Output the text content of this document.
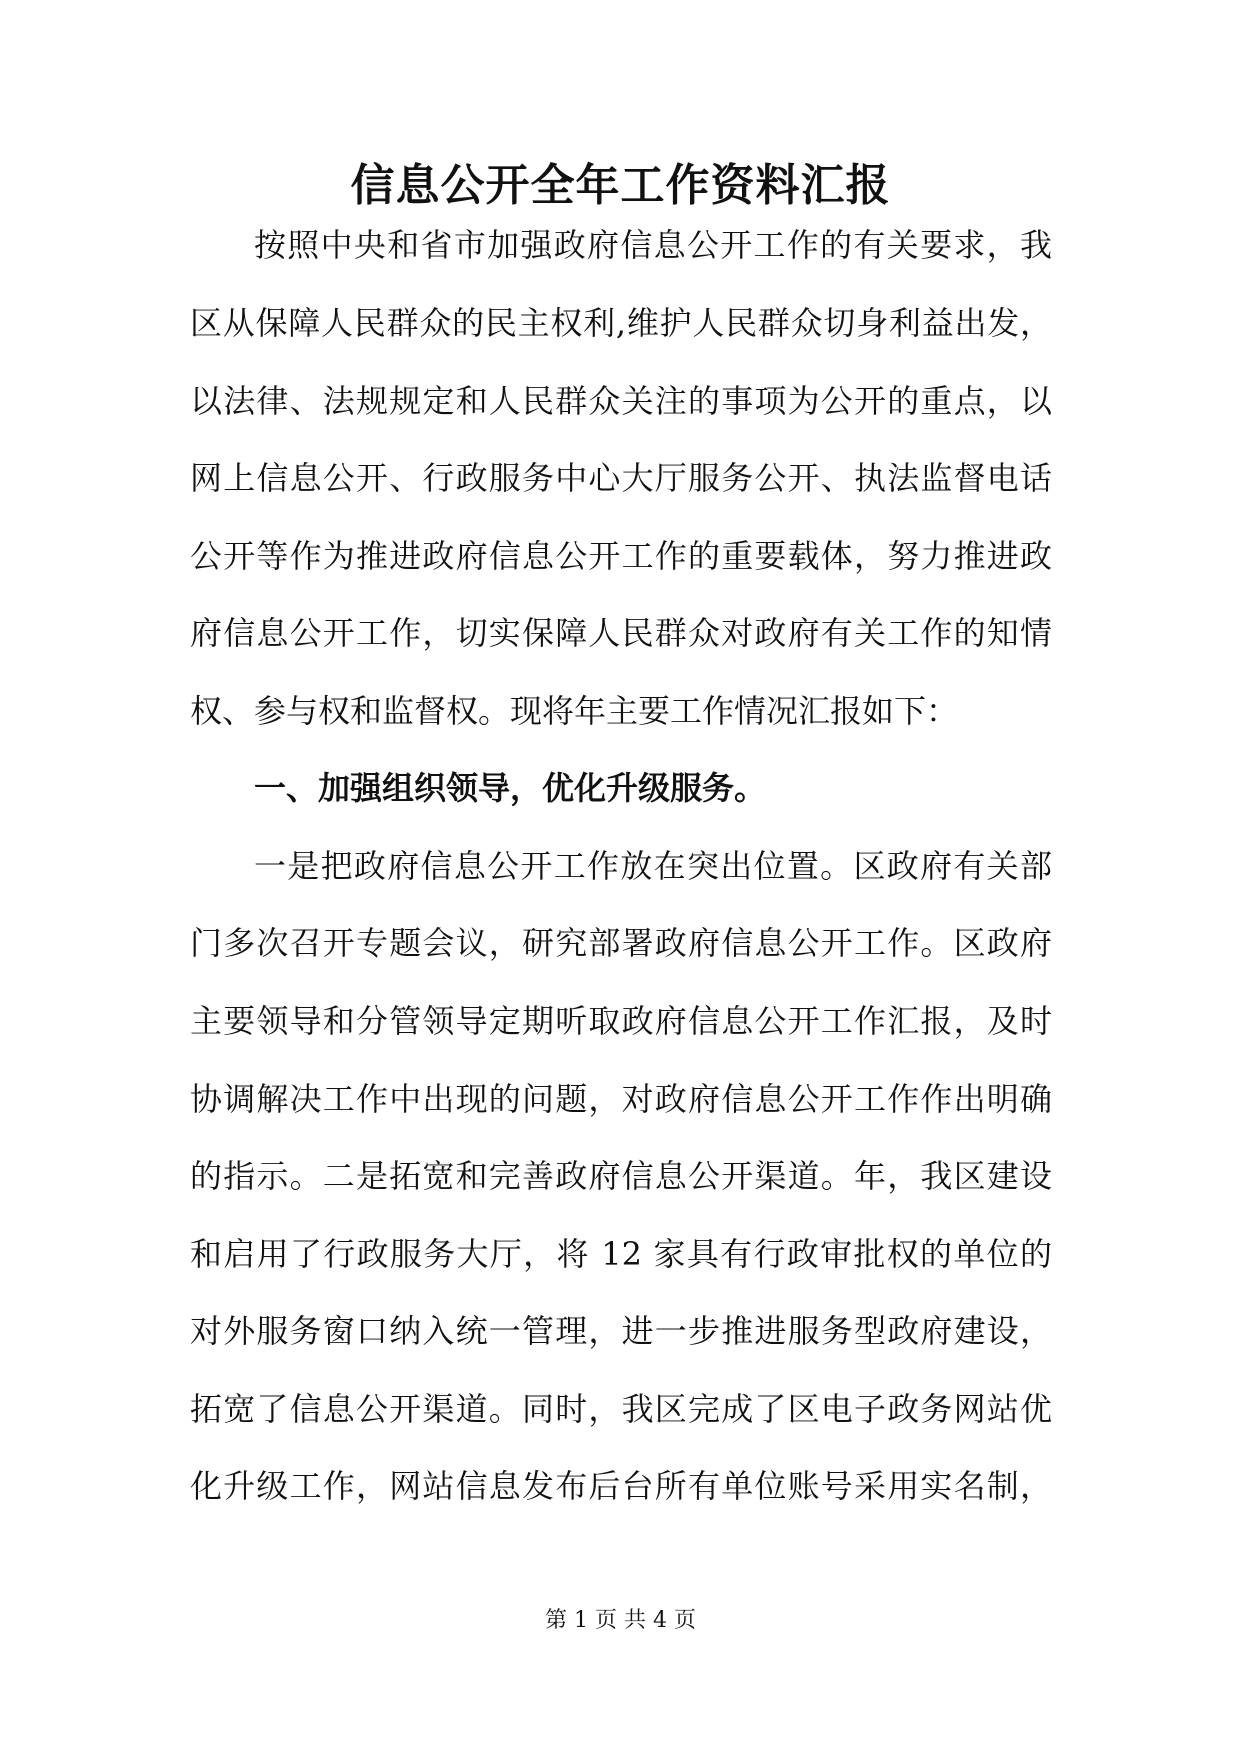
信息公开全年工作资料汇报

按照中央和省市加强政府信息公开工作的有关要求，我

区从保障人民群众的民主权利,维护人民群众切身利益出发，

以法律、法规规定和人民群众关注的事项为公开的重点，以

网上信息公开、行政服务中心大厅服务公开、执法监督电话

公开等作为推进政府信息公开工作的重要载体，努力推进政

府信息公开工作，切实保障人民群众对政府有关工作的知情

权、参与权和监督权。现将年主要工作情况汇报如下：

一、加强组织领导，优化升级服务。

一是把政府信息公开工作放在突出位置。区政府有关部

门多次召开专题会议，研究部署政府信息公开工作。区政府

主要领导和分管领导定期听取政府信息公开工作汇报，及时

协调解决工作中出现的问题，对政府信息公开工作作出明确

的指示。二是拓宽和完善政府信息公开渠道。年，我区建设

和启用了行政服务大厅，将 12 家具有行政审批权的单位的

对外服务窗口纳入统一管理，进一步推进服务型政府建设，

拓宽了信息公开渠道。同时，我区完成了区电子政务网站优

化升级工作，网站信息发布后台所有单位账号采用实名制，

第 1 页 共 4 页
